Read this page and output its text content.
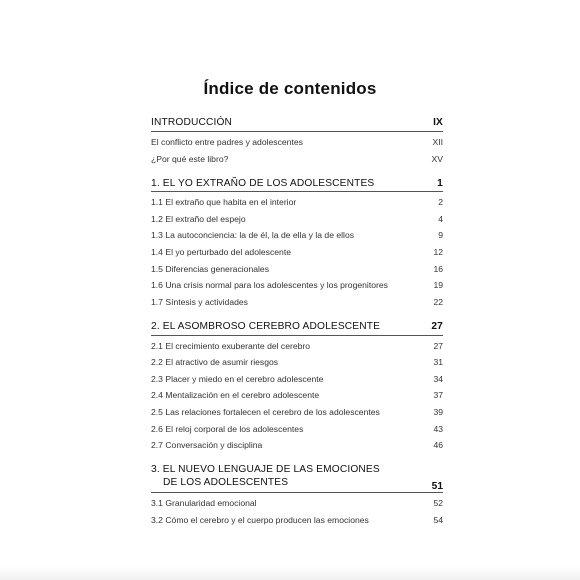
Índice de contenidos
INTRODUCCIÓN	IX
El conflicto entre padres y adolescentes	XII
¿Por qué este libro?	XV
1. EL YO EXTRAÑO DE LOS ADOLESCENTES	1
1.1 El extraño que habita en el interior	2
1.2 El extraño del espejo	4
1.3 La autoconciencia: la de él, la de ella y la de ellos	9
1.4 El yo perturbado del adolescente	12
1.5 Diferencias generacionales	16
1.6 Una crisis normal para los adolescentes y los progenitores	19
1.7 Síntesis y actividades	22
2. EL ASOMBROSO CEREBRO ADOLESCENTE	27
2.1 El crecimiento exuberante del cerebro	27
2.2 El atractivo de asumir riesgos	31
2.3 Placer y miedo en el cerebro adolescente	34
2.4 Mentalización en el cerebro adolescente	37
2.5 Las relaciones fortalecen el cerebro de los adolescentes	39
2.6 El reloj corporal de los adolescentes	43
2.7 Conversación y disciplina	46
3. EL NUEVO LENGUAJE DE LAS EMOCIONES
DE LOS ADOLESCENTES	51
3.1 Granularidad emocional	52
3.2 Cómo el cerebro y el cuerpo producen las emociones	54
